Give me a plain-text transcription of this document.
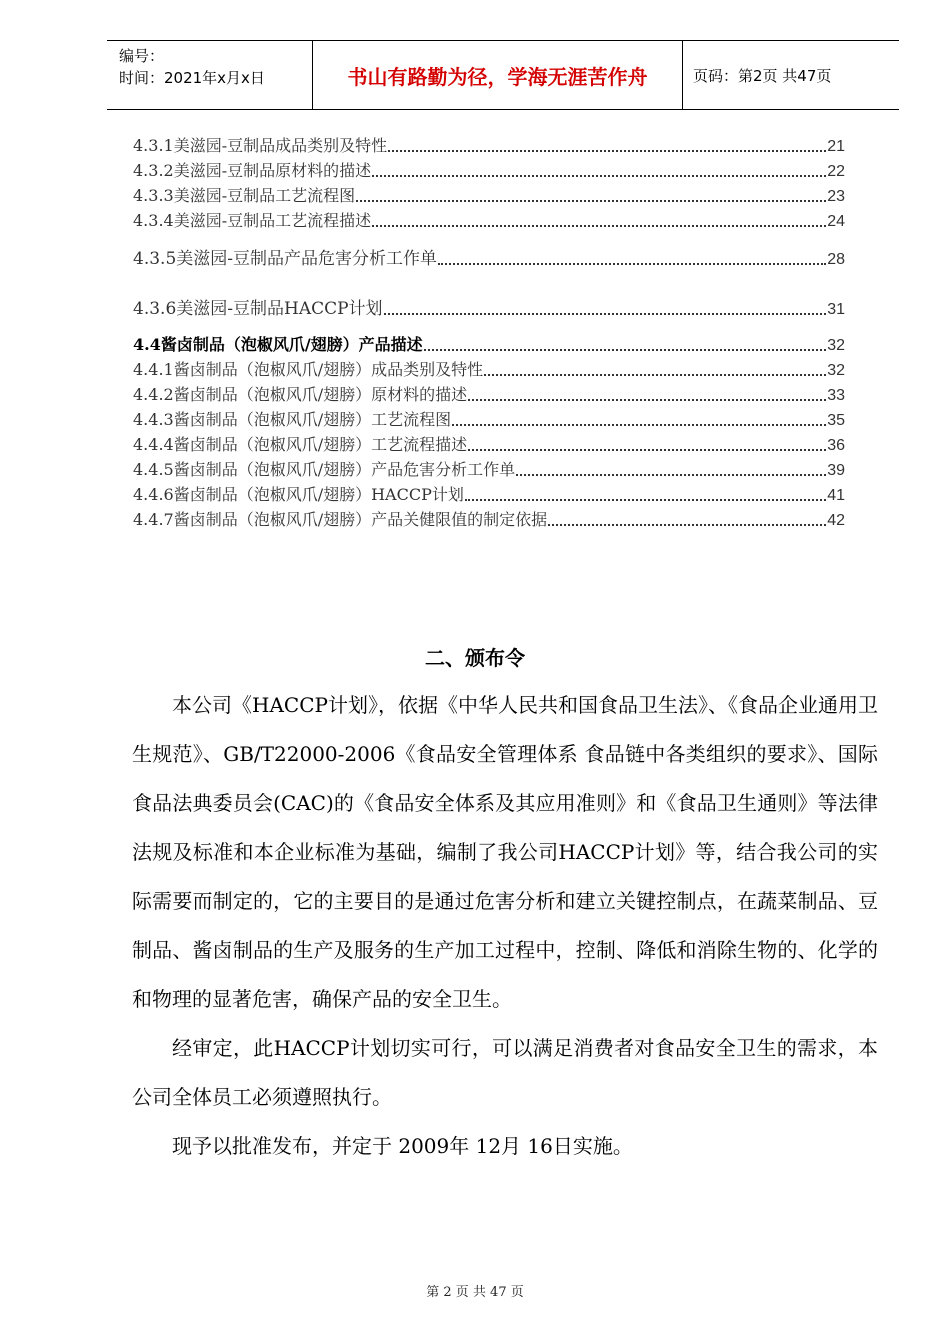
编号：
时间：2021年x月x日	书山有路勤为径，学海无涯苦作舟	页码：第2页 共47页
4.3.1美滋园-豆制品成品类别及特性	21
4.3.2美滋园-豆制品原材料的描述	22
4.3.3美滋园-豆制品工艺流程图	23
4.3.4美滋园-豆制品工艺流程描述	24
4.3.5美滋园-豆制品产品危害分析工作单	28
4.3.6美滋园-豆制品HACCP计划	31
4.4酱卤制品（泡椒风爪/翅膀）产品描述	32
4.4.1酱卤制品（泡椒风爪/翅膀）成品类别及特性	32
4.4.2酱卤制品（泡椒风爪/翅膀）原材料的描述	33
4.4.3酱卤制品（泡椒风爪/翅膀）工艺流程图	35
4.4.4酱卤制品（泡椒风爪/翅膀）工艺流程描述	36
4.4.5酱卤制品（泡椒风爪/翅膀）产品危害分析工作单	39
4.4.6酱卤制品（泡椒风爪/翅膀）HACCP计划	41
4.4.7酱卤制品（泡椒风爪/翅膀）产品关健限值的制定依据	42
二、颁布令

本公司《HACCP计划》，依据《中华人民共和国食品卫生法》、《食品企业通用卫生规范》、GB/T22000-2006《食品安全管理体系 食品链中各类组织的要求》、国际食品法典委员会(CAC)的《食品安全体系及其应用准则》和《食品卫生通则》等法律法规及标准和本企业标准为基础，编制了我公司HACCP计划》等，结合我公司的实际需要而制定的，它的主要目的是通过危害分析和建立关键控制点，在蔬菜制品、豆制品、酱卤制品的生产及服务的生产加工过程中，控制、降低和消除生物的、化学的和物理的显著危害，确保产品的安全卫生。

经审定，此HACCP计划切实可行，可以满足消费者对食品安全卫生的需求，本公司全体员工必须遵照执行。

现予以批准发布，并定于 2009年 12月 16日实施。

第 2 页 共 47 页
